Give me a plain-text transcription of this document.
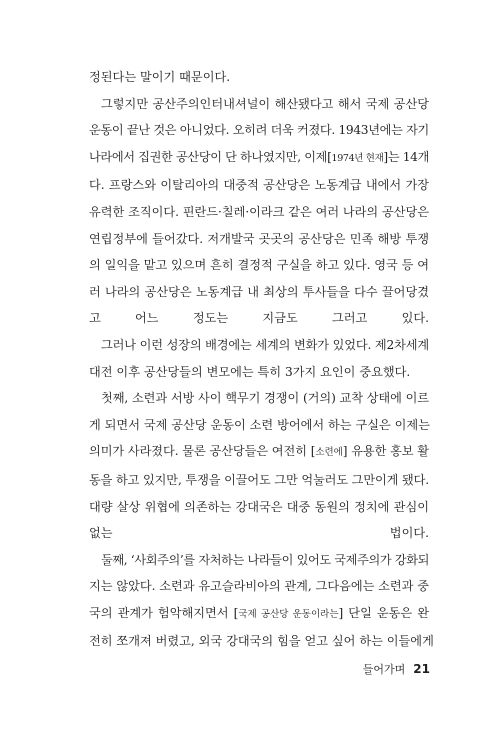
정된다는 말이기 때문이다.
그렇지만 공산주의인터내셔널이 해산됐다고 해서 국제 공산당
운동이 끝난 것은 아니었다. 오히려 더욱 커졌다. 1943년에는 자기
나라에서 집권한 공산당이 단 하나였지만, 이제[1974년 현재]는 14개
다. 프랑스와 이탈리아의 대중적 공산당은 노동계급 내에서 가장
유력한 조직이다. 핀란드·칠레·이라크 같은 여러 나라의 공산당은
연립정부에 들어갔다. 저개발국 곳곳의 공산당은 민족 해방 투쟁
의 일익을 맡고 있으며 흔히 결정적 구실을 하고 있다. 영국 등 여
러 나라의 공산당은 노동계급 내 최상의 투사들을 다수 끌어당겼
고 어느 정도는 지금도 그러고 있다.
그러나 이런 성장의 배경에는 세계의 변화가 있었다. 제2차세계
대전 이후 공산당들의 변모에는 특히 3가지 요인이 중요했다.
첫째, 소련과 서방 사이 핵무기 경쟁이 (거의) 교착 상태에 이르
게 되면서 국제 공산당 운동이 소련 방어에서 하는 구실은 이제는
의미가 사라졌다. 물론 공산당들은 여전히 [소련에] 유용한 홍보 활
동을 하고 있지만, 투쟁을 이끌어도 그만 억눌러도 그만이게 됐다.
대량 살상 위협에 의존하는 강대국은 대중 동원의 정치에 관심이
없는 법이다.
둘째, ‘사회주의’를 자처하는 나라들이 있어도 국제주의가 강화되
지는 않았다. 소련과 유고슬라비아의 관계, 그다음에는 소련과 중
국의 관계가 험악해지면서 [국제 공산당 운동이라는] 단일 운동은 완
전히 쪼개져 버렸고, 외국 강대국의 힘을 얻고 싶어 하는 이들에게
들어가며 21
